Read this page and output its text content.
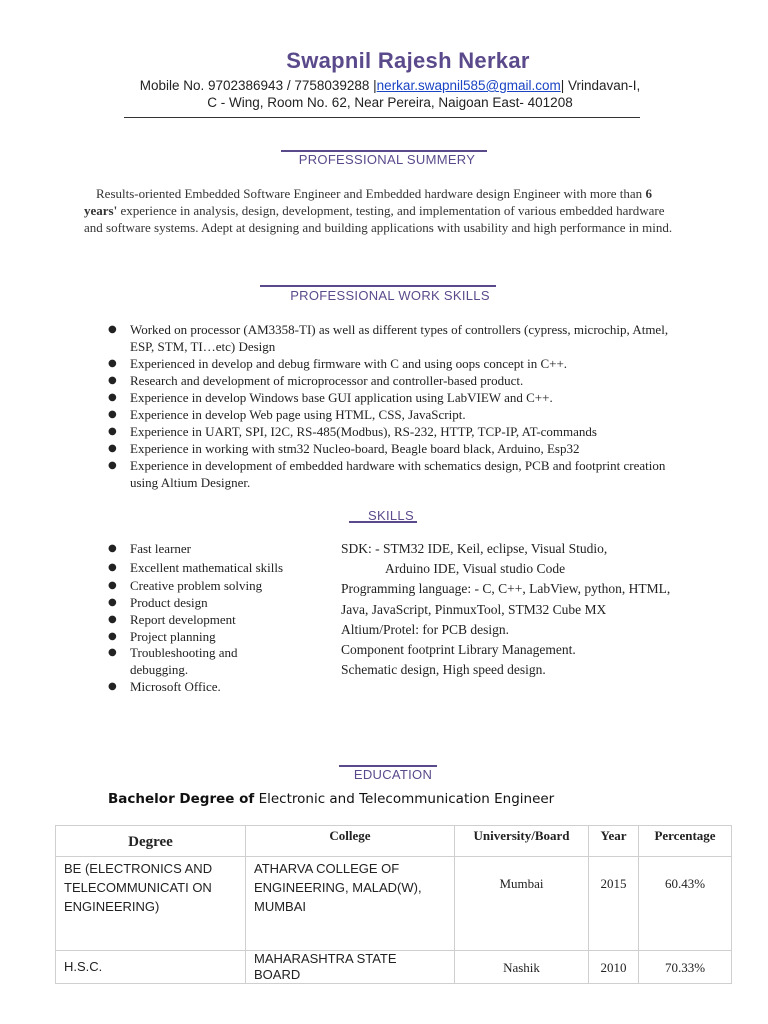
Swapnil Rajesh Nerkar
Mobile No. 9702386943 / 7758039288 |nerkar.swapnil585@gmail.com| Vrindavan-I,
C - Wing, Room No. 62, Near Pereira, Naigoan East- 401208
PROFESSIONAL SUMMERY
Results-oriented Embedded Software Engineer and Embedded hardware design Engineer with more than 6 years' experience in analysis, design, development, testing, and implementation of various embedded hardware and software systems. Adept at designing and building applications with usability and high performance in mind.
PROFESSIONAL WORK SKILLS
● Worked on processor (AM3358-TI) as well as different types of controllers (cypress, microchip, Atmel, ESP, STM, TI…etc) Design
● Experienced in develop and debug firmware with C and using oops concept in C++.
● Research and development of microprocessor and controller-based product.
● Experience in develop Windows base GUI application using LabVIEW and C++.
● Experience in develop Web page using HTML, CSS, JavaScript.
● Experience in UART, SPI, I2C, RS-485(Modbus), RS-232, HTTP, TCP-IP, AT-commands
● Experience in working with stm32 Nucleo-board, Beagle board black, Arduino, Esp32
● Experience in development of embedded hardware with schematics design, PCB and footprint creation using Altium Designer.
SKILLS
● Fast learner
● Excellent mathematical skills
● Creative problem solving
● Product design
● Report development
● Project planning
● Troubleshooting and debugging.
● Microsoft Office.
SDK: - STM32 IDE, Keil, eclipse, Visual Studio,
Arduino IDE, Visual studio Code
Programming language: - C, C++, LabView, python, HTML,
Java, JavaScript, PinmuxTool, STM32 Cube MX
Altium/Protel: for PCB design.
Component footprint Library Management.
Schematic design, High speed design.
EDUCATION
Bachelor Degree of Electronic and Telecommunication Engineer
Degree	College	University/Board	Year	Percentage
BE (ELECTRONICS AND TELECOMMUNICATI ON ENGINEERING)	ATHARVA COLLEGE OF ENGINEERING, MALAD(W), MUMBAI	Mumbai	2015	60.43%
H.S.C.	MAHARASHTRA STATE BOARD	Nashik	2010	70.33%
